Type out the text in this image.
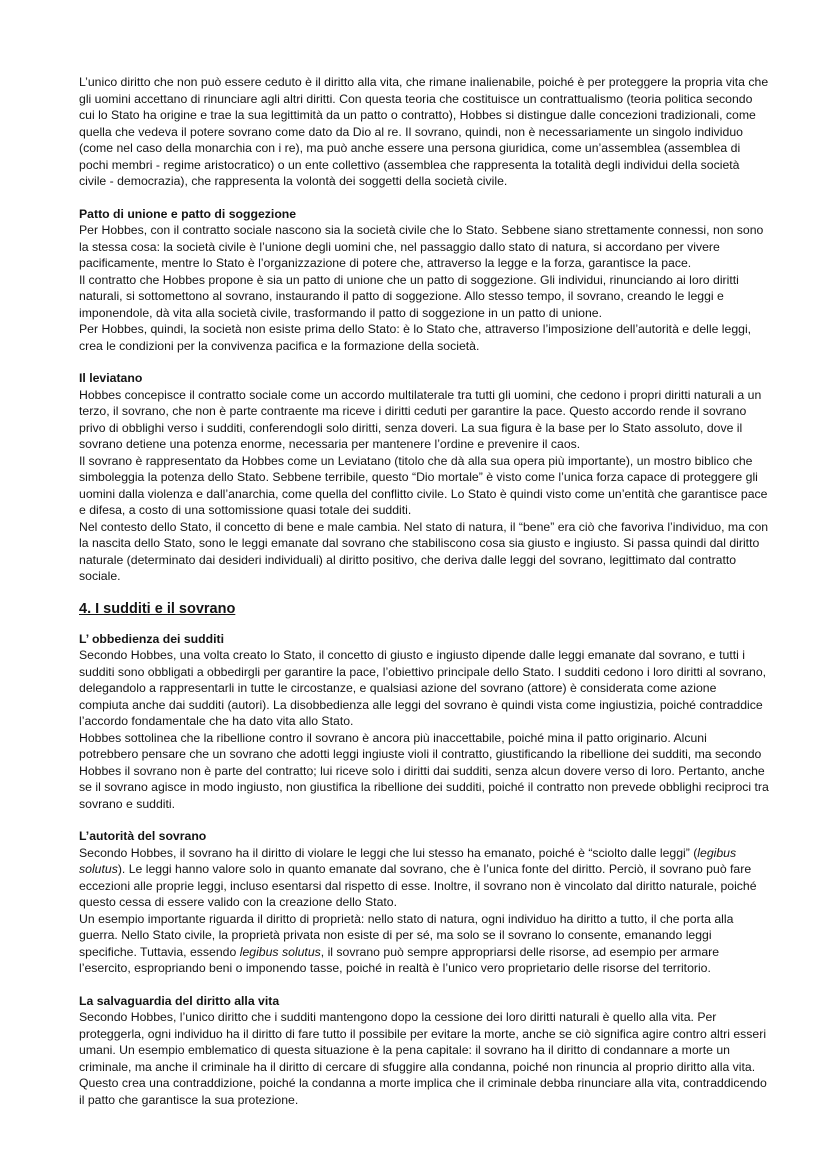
L’unico diritto che non può essere ceduto è il diritto alla vita, che rimane inalienabile, poiché è per proteggere la propria vita che gli uomini accettano di rinunciare agli altri diritti. Con questa teoria che costituisce un contrattualismo (teoria politica secondo cui lo Stato ha origine e trae la sua legittimità da un patto o contratto), Hobbes si distingue dalle concezioni tradizionali, come quella che vedeva il potere sovrano come dato da Dio al re. Il sovrano, quindi, non è necessariamente un singolo individuo (come nel caso della monarchia con i re), ma può anche essere una persona giuridica, come un’assemblea (assemblea di pochi membri - regime aristocratico) o un ente collettivo (assemblea che rappresenta la totalità degli individui della società civile - democrazia), che rappresenta la volontà dei soggetti della società civile.

Patto di unione e patto di soggezione

Per Hobbes, con il contratto sociale nascono sia la società civile che lo Stato. Sebbene siano strettamente connessi, non sono la stessa cosa: la società civile è l’unione degli uomini che, nel passaggio dallo stato di natura, si accordano per vivere pacificamente, mentre lo Stato è l’organizzazione di potere che, attraverso la legge e la forza, garantisce la pace.

Il contratto che Hobbes propone è sia un patto di unione che un patto di soggezione. Gli individui, rinunciando ai loro diritti naturali, si sottomettono al sovrano, instaurando il patto di soggezione. Allo stesso tempo, il sovrano, creando le leggi e imponendole, dà vita alla società civile, trasformando il patto di soggezione in un patto di unione.

Per Hobbes, quindi, la società non esiste prima dello Stato: è lo Stato che, attraverso l’imposizione dell’autorità e delle leggi, crea le condizioni per la convivenza pacifica e la formazione della società.

Il leviatano

Hobbes concepisce il contratto sociale come un accordo multilaterale tra tutti gli uomini, che cedono i propri diritti naturali a un terzo, il sovrano, che non è parte contraente ma riceve i diritti ceduti per garantire la pace. Questo accordo rende il sovrano privo di obblighi verso i sudditi, conferendogli solo diritti, senza doveri. La sua figura è la base per lo Stato assoluto, dove il sovrano detiene una potenza enorme, necessaria per mantenere l’ordine e prevenire il caos.

Il sovrano è rappresentato da Hobbes come un Leviatano (titolo che dà alla sua opera più importante), un mostro biblico che simboleggia la potenza dello Stato. Sebbene terribile, questo “Dio mortale” è visto come l’unica forza capace di proteggere gli uomini dalla violenza e dall’anarchia, come quella del conflitto civile. Lo Stato è quindi visto come un’entità che garantisce pace e difesa, a costo di una sottomissione quasi totale dei sudditi.

Nel contesto dello Stato, il concetto di bene e male cambia. Nel stato di natura, il “bene” era ciò che favoriva l’individuo, ma con la nascita dello Stato, sono le leggi emanate dal sovrano che stabiliscono cosa sia giusto e ingiusto. Si passa quindi dal diritto naturale (determinato dai desideri individuali) al diritto positivo, che deriva dalle leggi del sovrano, legittimato dal contratto sociale.

4. I sudditi e il sovrano

L’ obbedienza dei sudditi

Secondo Hobbes, una volta creato lo Stato, il concetto di giusto e ingiusto dipende dalle leggi emanate dal sovrano, e tutti i sudditi sono obbligati a obbedirgli per garantire la pace, l’obiettivo principale dello Stato. I sudditi cedono i loro diritti al sovrano, delegandolo a rappresentarli in tutte le circostanze, e qualsiasi azione del sovrano (attore) è considerata come azione compiuta anche dai sudditi (autori). La disobbedienza alle leggi del sovrano è quindi vista come ingiustizia, poiché contraddice l’accordo fondamentale che ha dato vita allo Stato.

Hobbes sottolinea che la ribellione contro il sovrano è ancora più inaccettabile, poiché mina il patto originario. Alcuni potrebbero pensare che un sovrano che adotti leggi ingiuste violi il contratto, giustificando la ribellione dei sudditi, ma secondo Hobbes il sovrano non è parte del contratto; lui riceve solo i diritti dai sudditi, senza alcun dovere verso di loro. Pertanto, anche se il sovrano agisce in modo ingiusto, non giustifica la ribellione dei sudditi, poiché il contratto non prevede obblighi reciproci tra sovrano e sudditi.

L’autorità del sovrano

Secondo Hobbes, il sovrano ha il diritto di violare le leggi che lui stesso ha emanato, poiché è “sciolto dalle leggi” (legibus solutus). Le leggi hanno valore solo in quanto emanate dal sovrano, che è l’unica fonte del diritto. Perciò, il sovrano può fare eccezioni alle proprie leggi, incluso esentarsi dal rispetto di esse. Inoltre, il sovrano non è vincolato dal diritto naturale, poiché questo cessa di essere valido con la creazione dello Stato.

Un esempio importante riguarda il diritto di proprietà: nello stato di natura, ogni individuo ha diritto a tutto, il che porta alla guerra. Nello Stato civile, la proprietà privata non esiste di per sé, ma solo se il sovrano lo consente, emanando leggi specifiche. Tuttavia, essendo legibus solutus, il sovrano può sempre appropriarsi delle risorse, ad esempio per armare l’esercito, espropriando beni o imponendo tasse, poiché in realtà è l’unico vero proprietario delle risorse del territorio.

La salvaguardia del diritto alla vita

Secondo Hobbes, l’unico diritto che i sudditi mantengono dopo la cessione dei loro diritti naturali è quello alla vita. Per proteggerla, ogni individuo ha il diritto di fare tutto il possibile per evitare la morte, anche se ciò significa agire contro altri esseri umani. Un esempio emblematico di questa situazione è la pena capitale: il sovrano ha il diritto di condannare a morte un criminale, ma anche il criminale ha il diritto di cercare di sfuggire alla condanna, poiché non rinuncia al proprio diritto alla vita. Questo crea una contraddizione, poiché la condanna a morte implica che il criminale debba rinunciare alla vita, contraddicendo il patto che garantisce la sua protezione.
